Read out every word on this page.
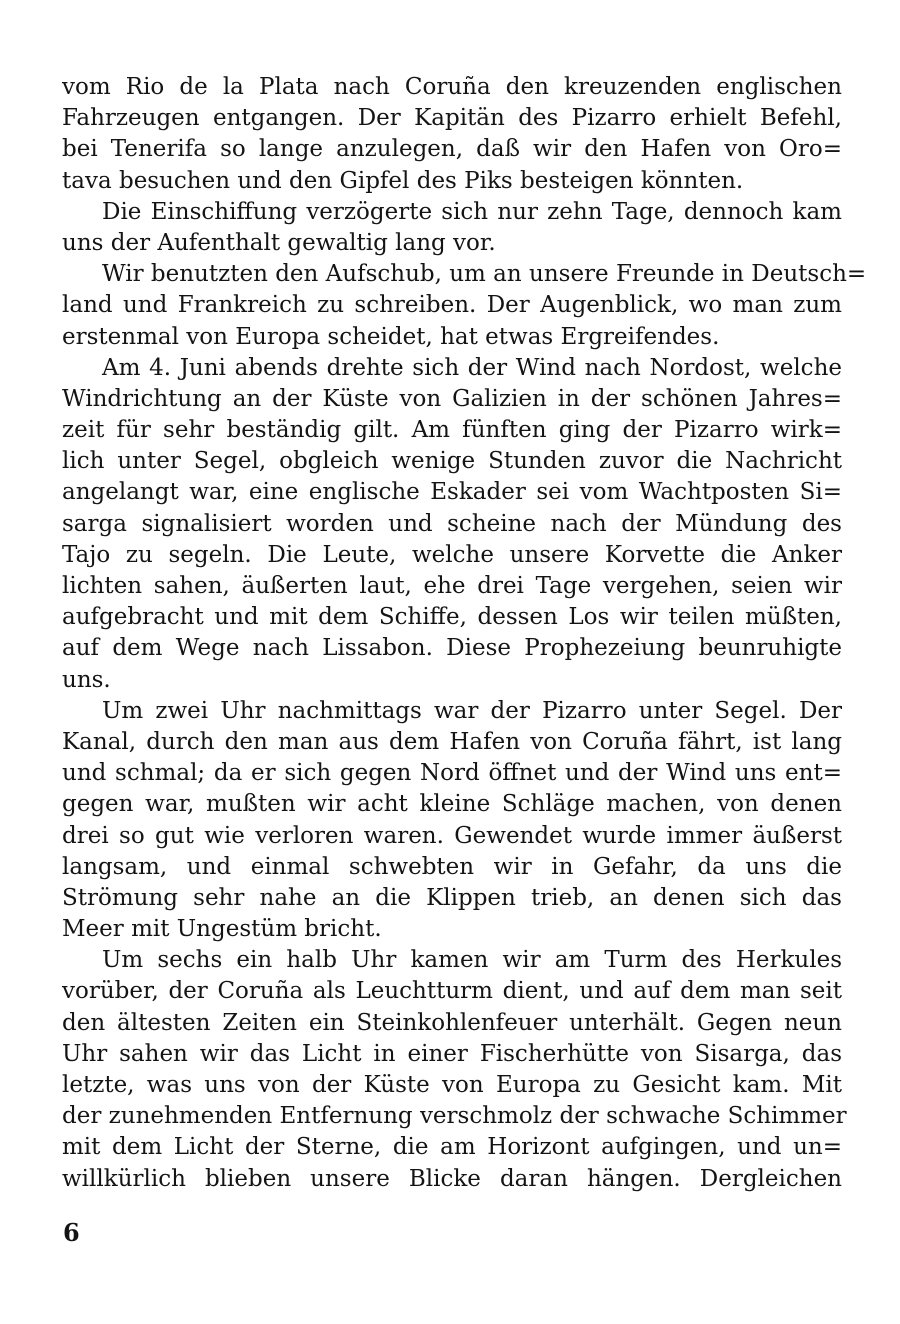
vom Rio de la Plata nach Coruña den kreuzenden englischen
Fahrzeugen entgangen. Der Kapitän des Pizarro erhielt Befehl,
bei Tenerifa so lange anzulegen, daß wir den Hafen von Oro=
tava besuchen und den Gipfel des Piks besteigen könnten.
Die Einschiffung verzögerte sich nur zehn Tage, dennoch kam
uns der Aufenthalt gewaltig lang vor.
Wir benutzten den Aufschub, um an unsere Freunde in Deutsch=
land und Frankreich zu schreiben. Der Augenblick, wo man zum
erstenmal von Europa scheidet, hat etwas Ergreifendes.
Am 4. Juni abends drehte sich der Wind nach Nordost, welche
Windrichtung an der Küste von Galizien in der schönen Jahres=
zeit für sehr beständig gilt. Am fünften ging der Pizarro wirk=
lich unter Segel, obgleich wenige Stunden zuvor die Nachricht
angelangt war, eine englische Eskader sei vom Wachtposten Si=
sarga signalisiert worden und scheine nach der Mündung des
Tajo zu segeln. Die Leute, welche unsere Korvette die Anker
lichten sahen, äußerten laut, ehe drei Tage vergehen, seien wir
aufgebracht und mit dem Schiffe, dessen Los wir teilen müßten,
auf dem Wege nach Lissabon. Diese Prophezeiung beunruhigte
uns.
Um zwei Uhr nachmittags war der Pizarro unter Segel. Der
Kanal, durch den man aus dem Hafen von Coruña fährt, ist lang
und schmal; da er sich gegen Nord öffnet und der Wind uns ent=
gegen war, mußten wir acht kleine Schläge machen, von denen
drei so gut wie verloren waren. Gewendet wurde immer äußerst
langsam, und einmal schwebten wir in Gefahr, da uns die
Strömung sehr nahe an die Klippen trieb, an denen sich das
Meer mit Ungestüm bricht.
Um sechs ein halb Uhr kamen wir am Turm des Herkules
vorüber, der Coruña als Leuchtturm dient, und auf dem man seit
den ältesten Zeiten ein Steinkohlenfeuer unterhält. Gegen neun
Uhr sahen wir das Licht in einer Fischerhütte von Sisarga, das
letzte, was uns von der Küste von Europa zu Gesicht kam. Mit
der zunehmenden Entfernung verschmolz der schwache Schimmer
mit dem Licht der Sterne, die am Horizont aufgingen, und un=
willkürlich blieben unsere Blicke daran hängen. Dergleichen
6
